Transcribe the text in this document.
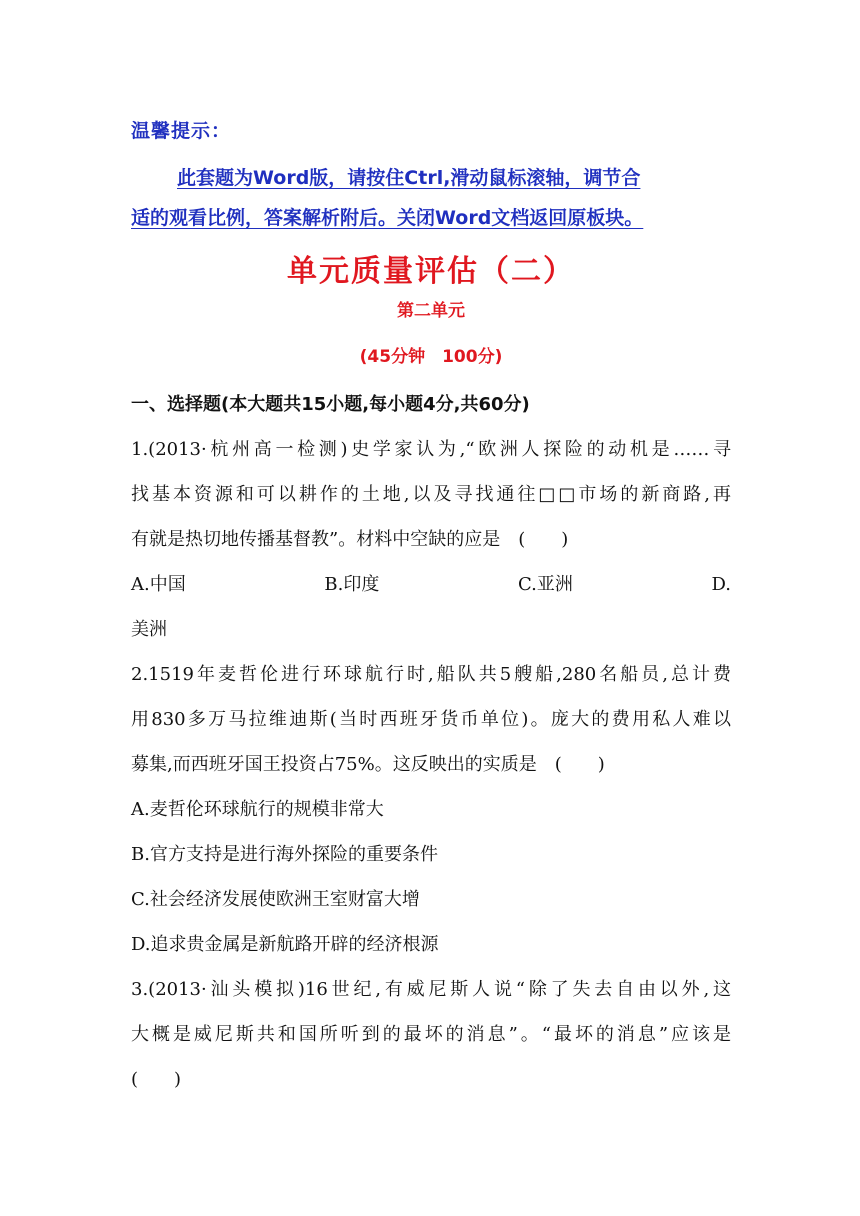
温馨提示：
此套题为Word版，请按住Ctrl,滑动鼠标滚轴，调节合
适的观看比例，答案解析附后。关闭Word文档返回原板块。
单元质量评估（二）
第二单元
(45分钟　100分)
一、选择题(本大题共15小题,每小题4分,共60分)
1.(2013·杭州高一检测)史学家认为,“欧洲人探险的动机是……寻
找基本资源和可以耕作的土地,以及寻找通往□□市场的新商路,再
有就是热切地传播基督教”。材料中空缺的应是　(　　)
A.中国	B.印度	C.亚洲	D.
美洲
2.1519年麦哲伦进行环球航行时,船队共5艘船,280名船员,总计费
用830多万马拉维迪斯(当时西班牙货币单位)。庞大的费用私人难以
募集,而西班牙国王投资占75%。这反映出的实质是　(　　)
A.麦哲伦环球航行的规模非常大
B.官方支持是进行海外探险的重要条件
C.社会经济发展使欧洲王室财富大增
D.追求贵金属是新航路开辟的经济根源
3.(2013·汕头模拟)16世纪,有威尼斯人说“除了失去自由以外,这
大概是威尼斯共和国所听到的最坏的消息”。“最坏的消息”应该是
(　　)
